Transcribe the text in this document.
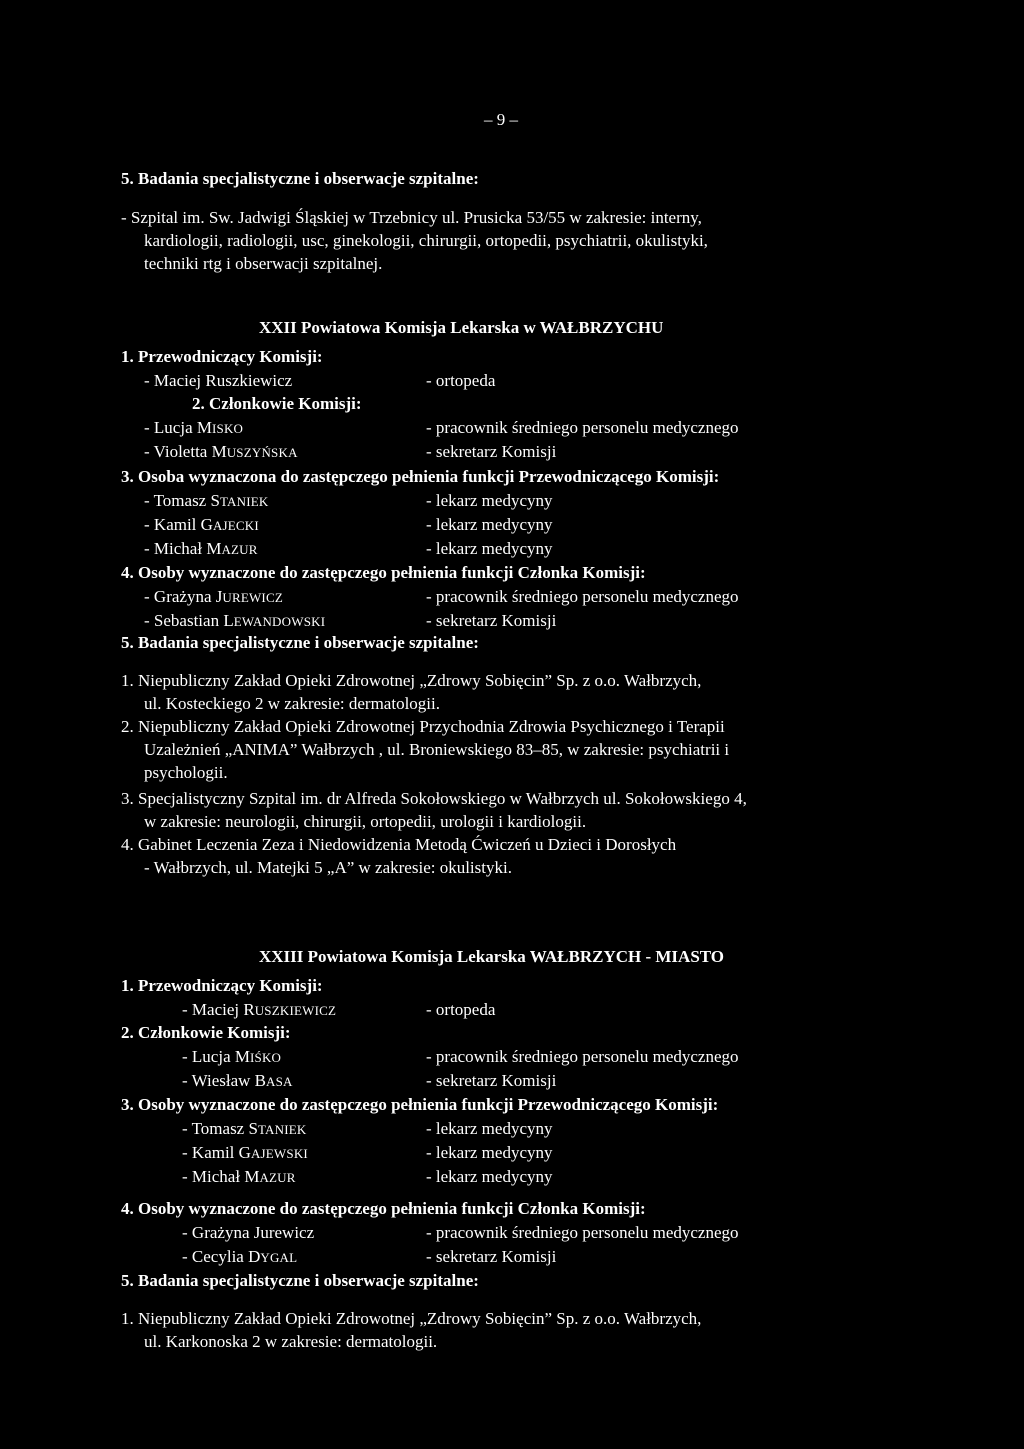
– 9 –
5. Badania specjalistyczne i obserwacje szpitalne:
- Szpital im. Sw. Jadwigi Śląskiej w Trzebnicy ul. Prusicka 53/55 w zakresie: interny,
kardiologii, radiologii, usc, ginekologii, chirurgii, ortopedii, psychiatrii, okulistyki,
techniki rtg i obserwacji szpitalnej.
XXII Powiatowa Komisja Lekarska w WAŁBRZYCHU
1. Przewodniczący Komisji:
- Maciej Ruszkiewicz	- ortopeda
2. Członkowie Komisji:
- Lucja MISKO	- pracownik średniego personelu medycznego
- Violetta MUSZYŃSKA	- sekretarz Komisji
3. Osoba wyznaczona do zastępczego pełnienia funkcji Przewodniczącego Komisji:
- Tomasz STANIEK	- lekarz medycyny
- Kamil GAJECKI	- lekarz medycyny
- Michał MAZUR	- lekarz medycyny
4. Osoby wyznaczone do zastępczego pełnienia funkcji Członka Komisji:
- Grażyna JUREWICZ	- pracownik średniego personelu medycznego
- Sebastian LEWANDOWSKI	- sekretarz Komisji
5. Badania specjalistyczne i obserwacje szpitalne:
1. Niepubliczny Zakład Opieki Zdrowotnej „Zdrowy Sobięcin” Sp. z o.o. Wałbrzych,
ul. Kosteckiego 2 w zakresie: dermatologii.
2. Niepubliczny Zakład Opieki Zdrowotnej Przychodnia Zdrowia Psychicznego i Terapii
Uzależnień „ANIMA” Wałbrzych , ul. Broniewskiego 83–85, w zakresie: psychiatrii i
psychologii.
3. Specjalistyczny Szpital im. dr Alfreda Sokołowskiego w Wałbrzych ul. Sokołowskiego 4,
w zakresie: neurologii, chirurgii, ortopedii, urologii i kardiologii.
4. Gabinet Leczenia Zeza i Niedowidzenia Metodą Ćwiczeń u Dzieci i Dorosłych
- Wałbrzych, ul. Matejki 5 „A” w zakresie: okulistyki.
XXIII Powiatowa Komisja Lekarska WAŁBRZYCH - MIASTO
1. Przewodniczący Komisji:
- Maciej RUSZKIEWICZ	- ortopeda
2. Członkowie Komisji:
- Lucja MIŚKO	- pracownik średniego personelu medycznego
- Wiesław BASA	- sekretarz Komisji
3. Osoby wyznaczone do zastępczego pełnienia funkcji Przewodniczącego Komisji:
- Tomasz STANIEK	- lekarz medycyny
- Kamil GAJEWSKI	- lekarz medycyny
- Michał MAZUR	- lekarz medycyny
4. Osoby wyznaczone do zastępczego pełnienia funkcji Członka Komisji:
- Grażyna Jurewicz	- pracownik średniego personelu medycznego
- Cecylia DYGAL	- sekretarz Komisji
5. Badania specjalistyczne i obserwacje szpitalne:
1. Niepubliczny Zakład Opieki Zdrowotnej „Zdrowy Sobięcin” Sp. z o.o. Wałbrzych,
ul. Karkonoska 2 w zakresie: dermatologii.
